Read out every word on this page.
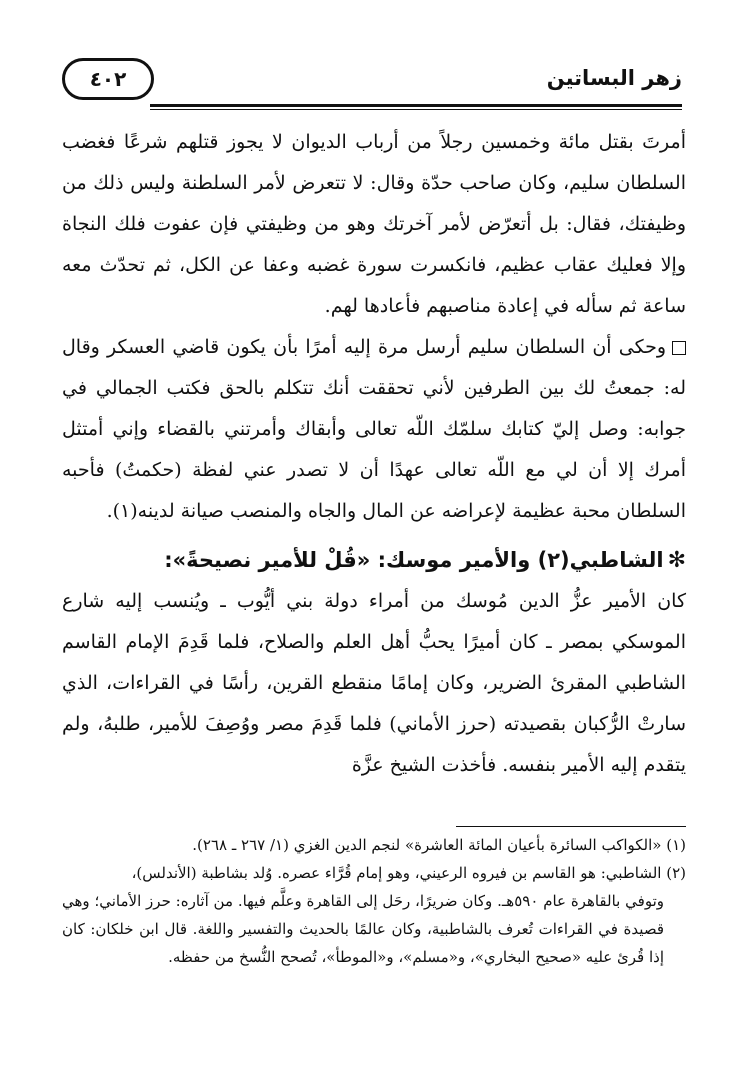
٤٠٢	زهر البساتين

أمرتَ بقتل مائة وخمسين رجلاً من أرباب الديوان لا يجوز قتلهم شرعًا فغضب السلطان سليم، وكان صاحب حدّة وقال: لا تتعرض لأمر السلطنة وليس ذلك من وظيفتك، فقال: بل أتعرّض لأمر آخرتك وهو من وظيفتي فإن عفوت فلك النجاة وإلا فعليك عقاب عظيم، فانكسرت سورة غضبه وعفا عن الكل، ثم تحدّث معه ساعة ثم سأله في إعادة مناصبهم فأعادها لهم.

وحكى أن السلطان سليم أرسل مرة إليه أمرًا بأن يكون قاضي العسكر وقال له: جمعتُ لك بين الطرفين لأني تحققت أنك تتكلم بالحق فكتب الجمالي في جوابه: وصل إليّ كتابك سلمّك اللّه تعالى وأبقاك وأمرتني بالقضاء وإني أمتثل أمرك إلا أن لي مع اللّه تعالى عهدًا أن لا تصدر عني لفظة (حكمتُ) فأحبه السلطان محبة عظيمة لإعراضه عن المال والجاه والمنصب صيانة لدينه(١).

✻الشاطبي(٢) والأمير موسك: «قُلْ للأمير نصيحةً»:

كان الأمير عزُّ الدين مُوسك من أمراء دولة بني أيُّوب ـ ويُنسب إليه شارع الموسكي بمصر ـ كان أميرًا يحبُّ أهل العلم والصلاح، فلما قَدِمَ الإمام القاسم الشاطبي المقرئ الضرير، وكان إمامًا منقطع القرين، رأسًا في القراءات، الذي سارتْ الرُّكبان بقصيدته (حرز الأماني) فلما قَدِمَ مصر ووُصِفَ للأمير، طلبهُ، ولم يتقدم إليه الأمير بنفسه. فأخذت الشيخ عزَّة

(١) «الكواكب السائرة بأعيان المائة العاشرة» لنجم الدين الغزي (١/ ٢٦٧ ـ ٢٦٨).

(٢) الشاطبي: هو القاسم بن فيروه الرعيني، وهو إمام قُرَّاء عصره. وُلد بشاطبة (الأندلس)،

وتوفي بالقاهرة عام ٥٩٠هـ. وكان ضريرًا، رحَل إلى القاهرة وعلَّم فيها. من آثاره: حرز الأماني؛ وهي قصيدة في القراءات تُعرف بالشاطبية، وكان عالمًا بالحديث والتفسير واللغة. قال ابن خلكان: كان إذا قُرئ عليه «صحيح البخاري»، و«مسلم»، و«الموطأ»، تُصحح النُّسخ من حفظه.
